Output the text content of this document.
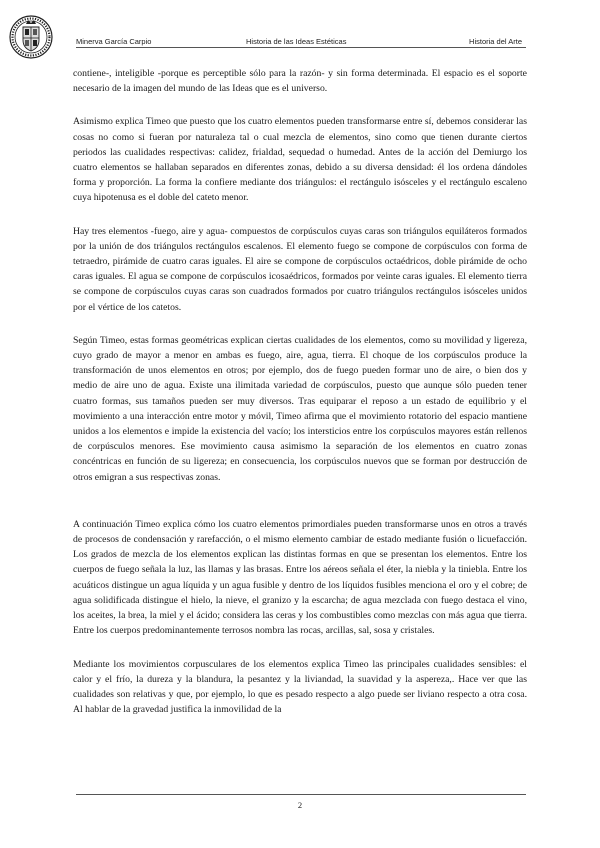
Minerva García Carpio	Historia de las Ideas Estéticas	Historia del Arte

contiene-, inteligible -porque es perceptible sólo para la razón- y sin forma determinada. El espacio es el soporte necesario de la imagen del mundo de las Ideas que es el universo.

Asimismo explica Timeo que puesto que los cuatro elementos pueden transformarse entre sí, debemos considerar las cosas no como si fueran por naturaleza tal o cual mezcla de elementos, sino como que tienen durante ciertos periodos las cualidades respectivas: calidez, frialdad, sequedad o humedad. Antes de la acción del Demiurgo los cuatro elementos se hallaban separados en diferentes zonas, debido a su diversa densidad: él los ordena dándoles forma y proporción. La forma la confiere mediante dos triángulos: el rectángulo isósceles y el rectángulo escaleno cuya hipotenusa es el doble del cateto menor.

Hay tres elementos -fuego, aire y agua- compuestos de corpúsculos cuyas caras son triángulos equiláteros formados por la unión de dos triángulos rectángulos escalenos. El elemento fuego se compone de corpúsculos con forma de tetraedro, pirámide de cuatro caras iguales. El aire se compone de corpúsculos octaédricos, doble pirámide de ocho caras iguales. El agua se compone de corpúsculos icosaédricos, formados por veinte caras iguales. El elemento tierra se compone de corpúsculos cuyas caras son cuadrados formados por cuatro triángulos rectángulos isósceles unidos por el vértice de los catetos.

Según Timeo, estas formas geométricas explican ciertas cualidades de los elementos, como su movilidad y ligereza, cuyo grado de mayor a menor en ambas es fuego, aire, agua, tierra. El choque de los corpúsculos produce la transformación de unos elementos en otros; por ejemplo, dos de fuego pueden formar uno de aire, o bien dos y medio de aire uno de agua. Existe una ilimitada variedad de corpúsculos, puesto que aunque sólo pueden tener cuatro formas, sus tamaños pueden ser muy diversos. Tras equiparar el reposo a un estado de equilibrio y el movimiento a una interacción entre motor y móvil, Timeo afirma que el movimiento rotatorio del espacio mantiene unidos a los elementos e impide la existencia del vacío; los intersticios entre los corpúsculos mayores están rellenos de corpúsculos menores. Ese movimiento causa asimismo la separación de los elementos en cuatro zonas concéntricas en función de su ligereza; en consecuencia, los corpúsculos nuevos que se forman por destrucción de otros emigran a sus respectivas zonas.

A continuación Timeo explica cómo los cuatro elementos primordiales pueden transformarse unos en otros a través de procesos de condensación y rarefacción, o el mismo elemento cambiar de estado mediante fusión o licuefacción. Los grados de mezcla de los elementos explican las distintas formas en que se presentan los elementos. Entre los cuerpos de fuego señala la luz, las llamas y las brasas. Entre los aéreos señala el éter, la niebla y la tiniebla. Entre los acuáticos distingue un agua líquida y un agua fusible y dentro de los líquidos fusibles menciona el oro y el cobre; de agua solidificada distingue el hielo, la nieve, el granizo y la escarcha; de agua mezclada con fuego destaca el vino, los aceites, la brea, la miel y el ácido; considera las ceras y los combustibles como mezclas con más agua que tierra. Entre los cuerpos predominantemente terrosos nombra las rocas, arcillas, sal, sosa y cristales.

Mediante los movimientos corpusculares de los elementos explica Timeo las principales cualidades sensibles: el calor y el frío, la dureza y la blandura, la pesantez y la liviandad, la suavidad y la aspereza,. Hace ver que las cualidades son relativas y que, por ejemplo, lo que es pesado respecto a algo puede ser liviano respecto a otra cosa. Al hablar de la gravedad justifica la inmovilidad de la

2
